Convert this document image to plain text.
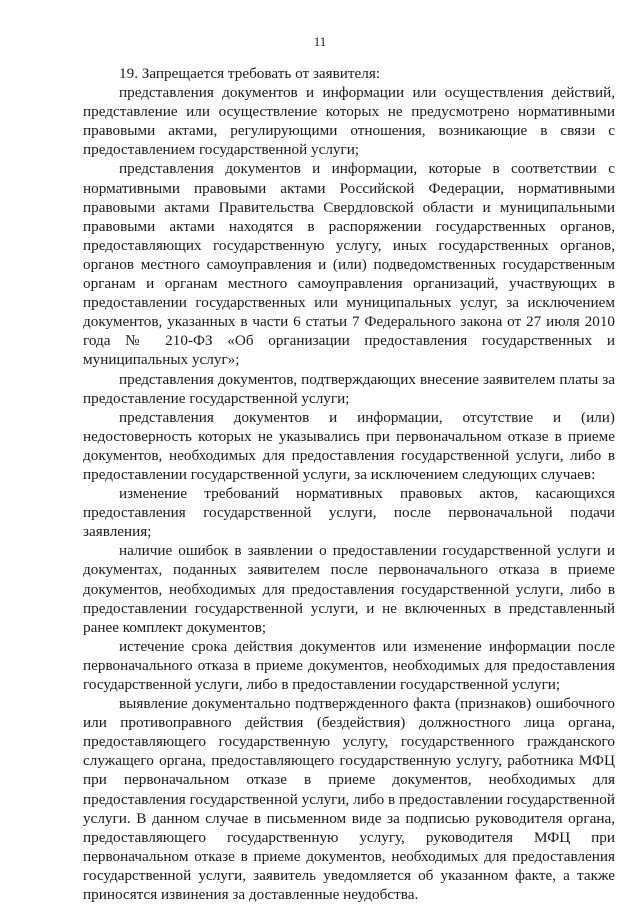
11

19. Запрещается требовать от заявителя:

представления документов и информации или осуществления действий, представление или осуществление которых не предусмотрено нормативными правовыми актами, регулирующими отношения, возникающие в связи с предоставлением государственной услуги;

представления документов и информации, которые в соответствии с нормативными правовыми актами Российской Федерации, нормативными правовыми актами Правительства Свердловской области и муниципальными правовыми актами находятся в распоряжении государственных органов, предоставляющих государственную услугу, иных государственных органов, органов местного самоуправления и (или) подведомственных государственным органам и органам местного самоуправления организаций, участвующих в предоставлении государственных или муниципальных услуг, за исключением документов, указанных в части 6 статьи 7 Федерального закона от 27 июля 2010 года № 210-ФЗ «Об организации предоставления государственных и муниципальных услуг»;

представления документов, подтверждающих внесение заявителем платы за предоставление государственной услуги;

представления документов и информации, отсутствие и (или) недостоверность которых не указывались при первоначальном отказе в приеме документов, необходимых для предоставления государственной услуги, либо в предоставлении государственной услуги, за исключением следующих случаев:

изменение требований нормативных правовых актов, касающихся предоставления государственной услуги, после первоначальной подачи заявления;

наличие ошибок в заявлении о предоставлении государственной услуги и документах, поданных заявителем после первоначального отказа в приеме документов, необходимых для предоставления государственной услуги, либо в предоставлении государственной услуги, и не включенных в представленный ранее комплект документов;

истечение срока действия документов или изменение информации после первоначального отказа в приеме документов, необходимых для предоставления государственной услуги, либо в предоставлении государственной услуги;

выявление документально подтвержденного факта (признаков) ошибочного или противоправного действия (бездействия) должностного лица органа, предоставляющего государственную услугу, государственного гражданского служащего органа, предоставляющего государственную услугу, работника МФЦ при первоначальном отказе в приеме документов, необходимых для предоставления государственной услуги, либо в предоставлении государственной услуги. В данном случае в письменном виде за подписью руководителя органа, предоставляющего государственную услугу, руководителя МФЦ при первоначальном отказе в приеме документов, необходимых для предоставления государственной услуги, заявитель уведомляется об указанном факте, а также приносятся извинения за доставленные неудобства.
